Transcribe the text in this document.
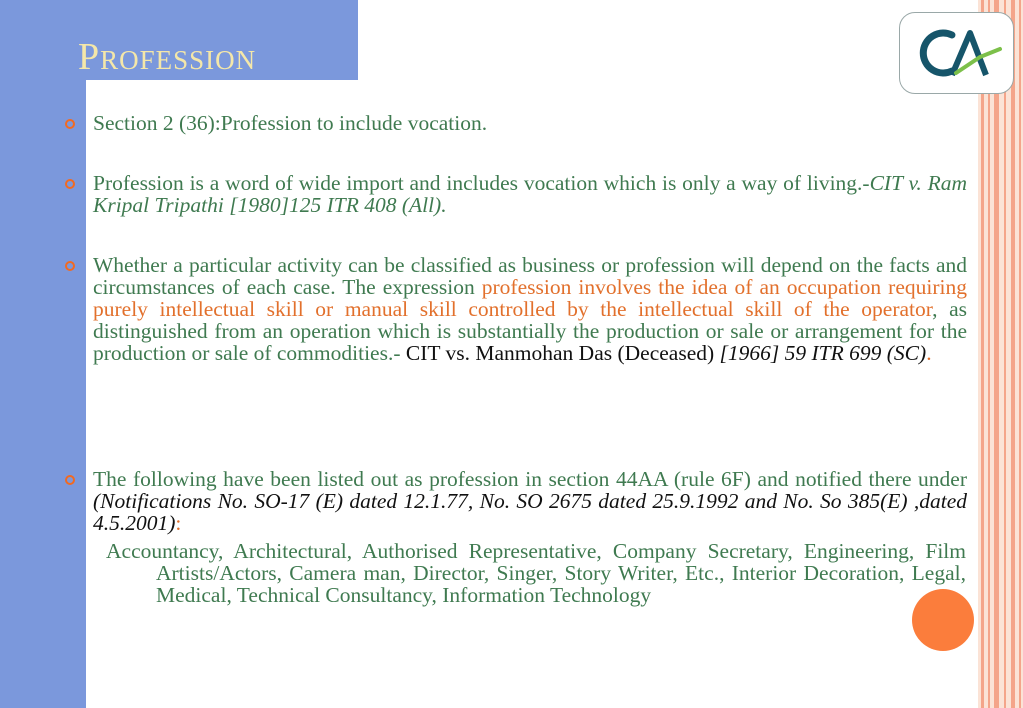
Profession
Section 2 (36):Profession to include vocation.
Profession is a word of wide import and includes vocation which is only a way of living.-CIT v. Ram Kripal Tripathi [1980]125 ITR 408 (All).
Whether a particular activity can be classified as business or profession will depend on the facts and circumstances of each case. The expression profession involves the idea of an occupation requiring purely intellectual skill or manual skill controlled by the intellectual skill of the operator, as distinguished from an operation which is substantially the production or sale or arrangement for the production or sale of commodities.- CIT vs. Manmohan Das (Deceased) [1966] 59 ITR 699 (SC).
The following have been listed out as profession in section 44AA (rule 6F) and notified there under (Notifications No. SO-17 (E) dated 12.1.77, No. SO 2675 dated 25.9.1992 and No. So 385(E) ,dated 4.5.2001):
Accountancy, Architectural, Authorised Representative, Company Secretary, Engineering, Film Artists/Actors, Camera man, Director, Singer, Story Writer, Etc., Interior Decoration, Legal, Medical, Technical Consultancy, Information Technology
